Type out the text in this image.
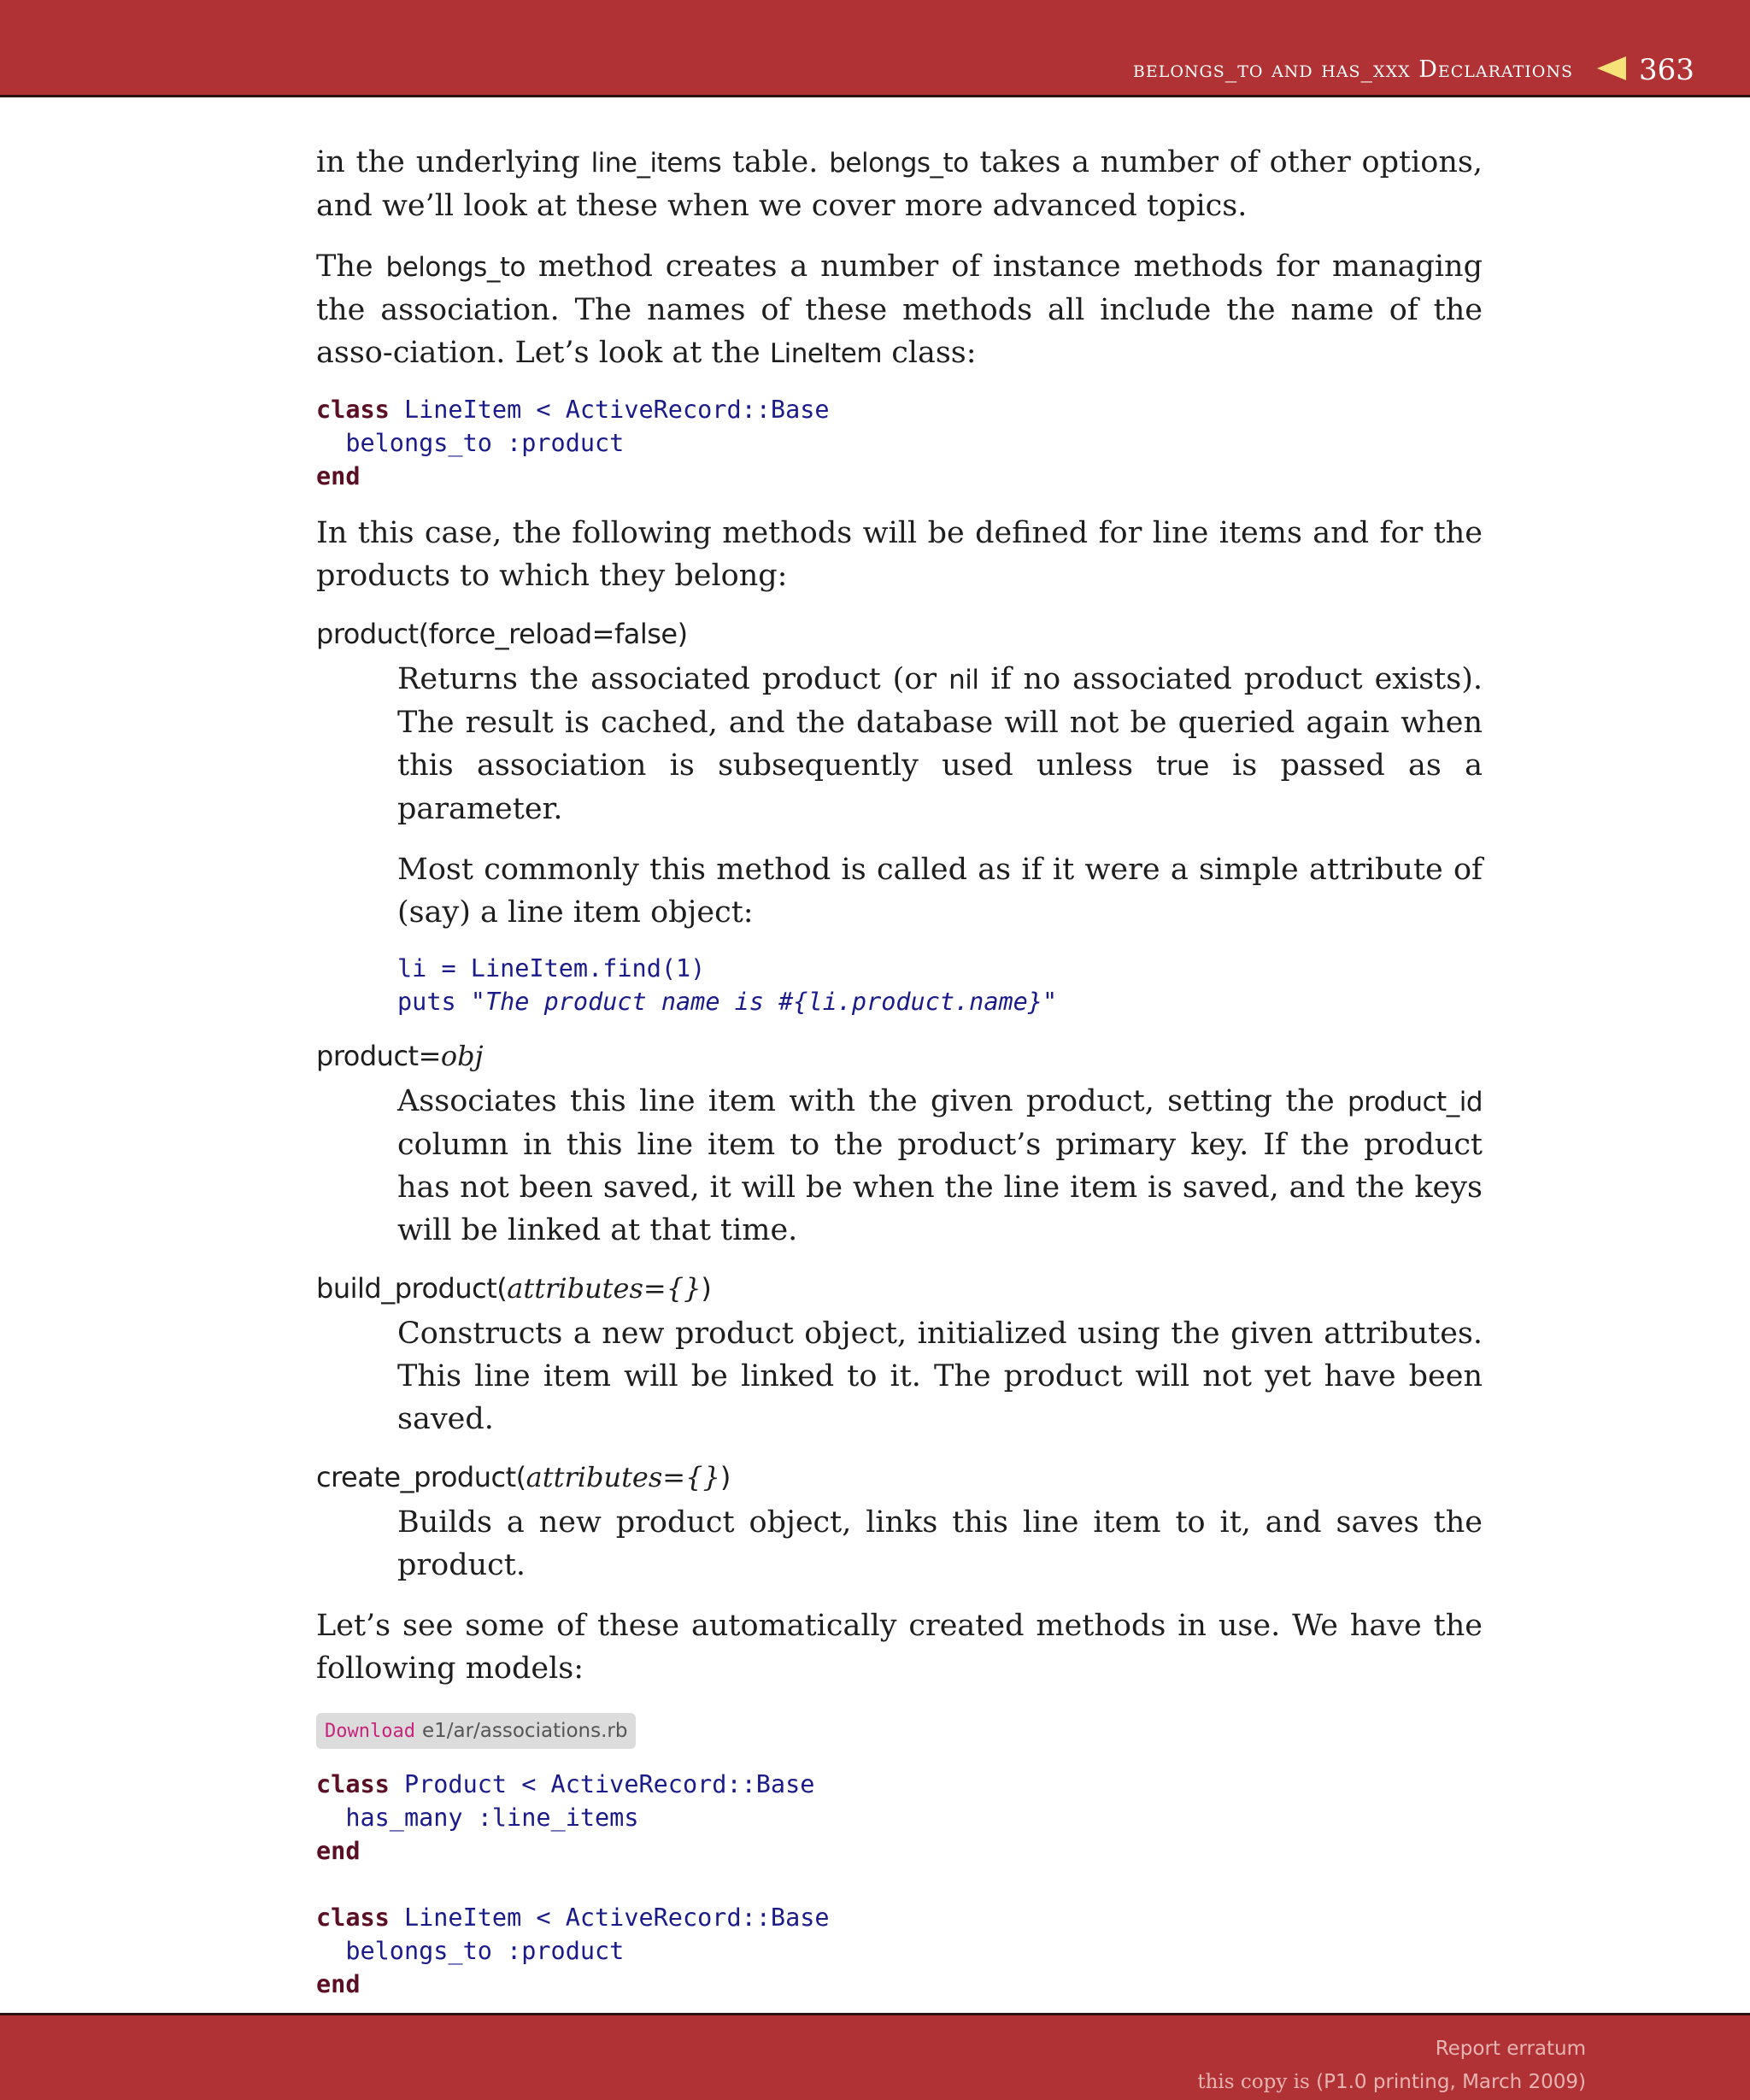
belongs_to and has_xxx Declarations 363

in the underlying line_items table. belongs_to takes a number of other options, and we’ll look at these when we cover more advanced topics.

The belongs_to method creates a number of instance methods for managing the association. The names of these methods all include the name of the asso-ciation. Let’s look at the LineItem class:

class LineItem < ActiveRecord::Base
belongs_to :product
end

In this case, the following methods will be defined for line items and for the products to which they belong:

product(force_reload=false)

Returns the associated product (or nil if no associated product exists). The result is cached, and the database will not be queried again when this association is subsequently used unless true is passed as a parameter.

Most commonly this method is called as if it were a simple attribute of (say) a line item object:

li = LineItem.find(1)
puts "The product name is #{li.product.name}"
product=obj

Associates this line item with the given product, setting the product_id column in this line item to the product’s primary key. If the product has not been saved, it will be when the line item is saved, and the keys will be linked at that time.

build_product(attributes={})

Constructs a new product object, initialized using the given attributes. This line item will be linked to it. The product will not yet have been saved.

create_product(attributes={})

Builds a new product object, links this line item to it, and saves the product.

Let’s see some of these automatically created methods in use. We have the following models:

Download e1/ar/associations.rb
class Product < ActiveRecord::Base
has_many :line_items
end

class LineItem < ActiveRecord::Base
belongs_to :product
end
Report erratum
this copy is (P1.0 printing, March 2009)
